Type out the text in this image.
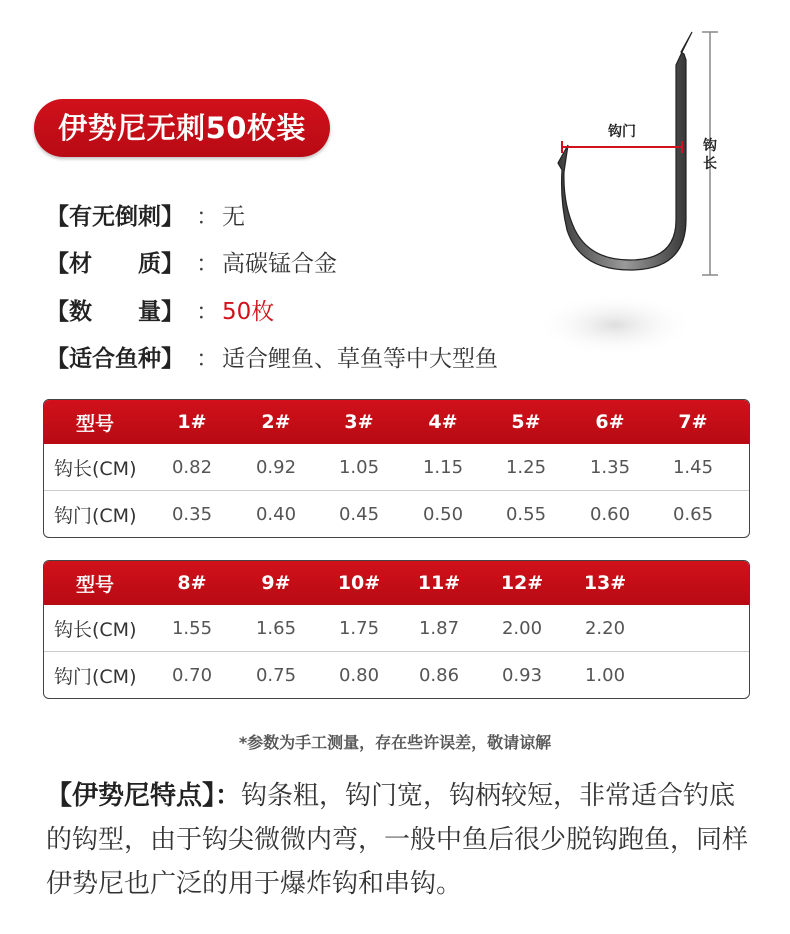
伊势尼无刺50枚装
【有无倒刺】 ： 无
【材　　质】 ： 高碳锰合金
【数　　量】 ： 50枚
【适合鱼种】 ： 适合鲤鱼、草鱼等中大型鱼
钩
长
钩门
型号	1#	2#	3#	4#	5#	6#	7#
钩长(CM)	0.82	0.92	1.05	1.15	1.25	1.35	1.45
钩门(CM)	0.35	0.40	0.45	0.50	0.55	0.60	0.65
型号	8#	9#	10#	11#	12#	13#
钩长(CM)	1.55	1.65	1.75	1.87	2.00	2.20
钩门(CM)	0.70	0.75	0.80	0.86	0.93	1.00
*参数为手工测量，存在些许误差，敬请谅解
【伊势尼特点】：钩条粗，钩门宽，钩柄较短，非常适合钓底的钩型，由于钩尖微微内弯，一般中鱼后很少脱钩跑鱼，同样伊势尼也广泛的用于爆炸钩和串钩。
